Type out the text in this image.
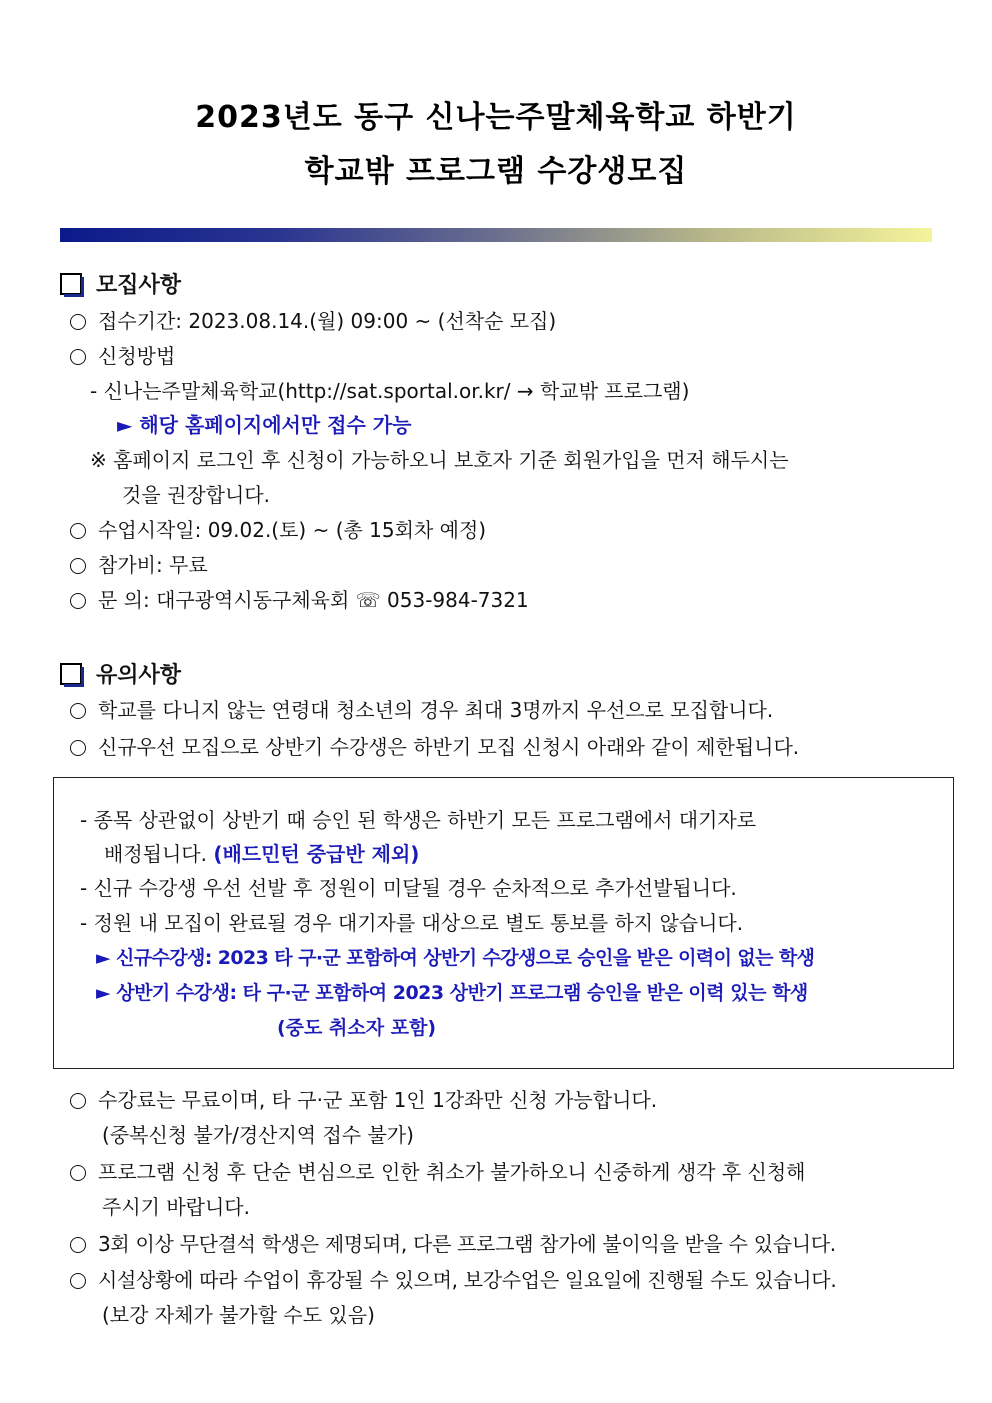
2023년도 동구 신나는주말체육학교 하반기
학교밖 프로그램 수강생모집
모집사항
접수기간: 2023.08.14.(월) 09:00 ~ (선착순 모집)
신청방법
- 신나는주말체육학교(http://sat.sportal.or.kr/ → 학교밖 프로그램)
► 해당 홈페이지에서만 접수 가능
※ 홈페이지 로그인 후 신청이 가능하오니 보호자 기준 회원가입을 먼저 해두시는
것을 권장합니다.
수업시작일: 09.02.(토) ~ (총 15회차 예정)
참가비: 무료
문 의: 대구광역시동구체육회 ☏ 053-984-7321
유의사항
학교를 다니지 않는 연령대 청소년의 경우 최대 3명까지 우선으로 모집합니다.
신규우선 모집으로 상반기 수강생은 하반기 모집 신청시 아래와 같이 제한됩니다.
- 종목 상관없이 상반기 때 승인 된 학생은 하반기 모든 프로그램에서 대기자로
배정됩니다. (배드민턴 중급반 제외)
- 신규 수강생 우선 선발 후 정원이 미달될 경우 순차적으로 추가선발됩니다.
- 정원 내 모집이 완료될 경우 대기자를 대상으로 별도 통보를 하지 않습니다.
► 신규수강생: 2023 타 구·군 포함하여 상반기 수강생으로 승인을 받은 이력이 없는 학생
► 상반기 수강생: 타 구·군 포함하여 2023 상반기 프로그램 승인을 받은 이력 있는 학생
(중도 취소자 포함)
수강료는 무료이며, 타 구·군 포함 1인 1강좌만 신청 가능합니다.
(중복신청 불가/경산지역 접수 불가)
프로그램 신청 후 단순 변심으로 인한 취소가 불가하오니 신중하게 생각 후 신청해
주시기 바랍니다.
3회 이상 무단결석 학생은 제명되며, 다른 프로그램 참가에 불이익을 받을 수 있습니다.
시설상황에 따라 수업이 휴강될 수 있으며, 보강수업은 일요일에 진행될 수도 있습니다.
(보강 자체가 불가할 수도 있음)
